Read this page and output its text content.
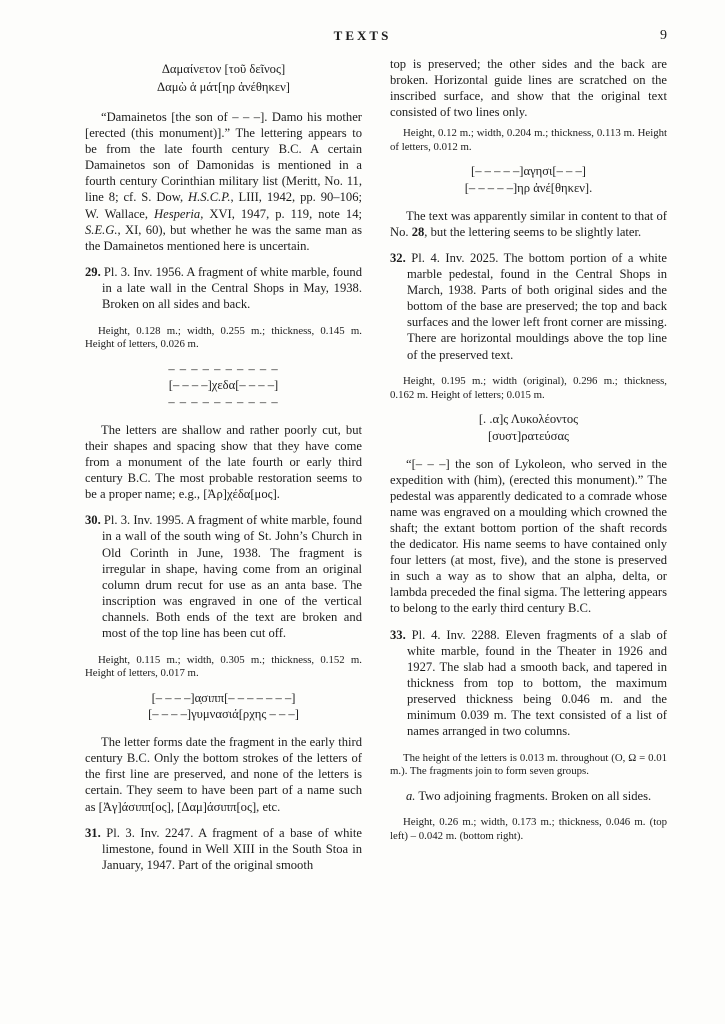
TEXTS	9
Δαμαίνετον [τοῦ δεῖνος]
Δαμὼ ἁ μάτ[ηρ ἀνέθηκεν]

“Damainetos [the son of – – –]. Damo his mother [erected (this monument)].” The lettering appears to be from the late fourth century B.C. A certain Damainetos son of Damonidas is mentioned in a fourth century Corinthian military list (Meritt, No. 11, line 8; cf. S. Dow, H.S.C.P., LIII, 1942, pp. 90–106; W. Wallace, Hesperia, XVI, 1947, p. 119, note 14; S.E.G., XI, 60), but whether he was the same man as the Damainetos mentioned here is uncertain.

29. Pl. 3. Inv. 1956. A fragment of white marble, found in a late wall in the Central Shops in May, 1938. Broken on all sides and back.

Height, 0.128 m.; width, 0.255 m.; thickness, 0.145 m. Height of letters, 0.026 m.

– – – – – – – – – –
[– – – –]χεδα[– – – –]
– – – – – – – – – –

The letters are shallow and rather poorly cut, but their shapes and spacing show that they have come from a monument of the late fourth or early third century B.C. The most probable restoration seems to be a proper name; e.g., [Ἀρ]χέδα[μος].

30. Pl. 3. Inv. 1995. A fragment of white marble, found in a wall of the south wing of St. John’s Church in Old Corinth in June, 1938. The fragment is irregular in shape, having come from an original column drum recut for use as an anta base. The inscription was engraved in one of the vertical channels. Both ends of the text are broken and most of the top line has been cut off.

Height, 0.115 m.; width, 0.305 m.; thickness, 0.152 m. Height of letters, 0.017 m.

[– – – –]α̣σιππ[– – – – – – –]
[– – – –]γυμνασιά[ρχης – – –]

The letter forms date the fragment in the early third century B.C. Only the bottom strokes of the letters of the first line are preserved, and none of the letters is certain. They seem to have been part of a name such as [Ἀγ]άσιππ[ος], [Δαμ]άσιππ[ος], etc.

31. Pl. 3. Inv. 2247. A fragment of a base of white limestone, found in Well XIII in the South Stoa in January, 1947. Part of the original smooth

top is preserved; the other sides and the back are broken. Horizontal guide lines are scratched on the inscribed surface, and show that the original text consisted of two lines only.

Height, 0.12 m.; width, 0.204 m.; thickness, 0.113 m. Height of letters, 0.012 m.

[– – – – –]αγησι[– – –]
[– – – – –]ηρ ἀνέ[θηκεν].

The text was apparently similar in content to that of No. 28, but the lettering seems to be slightly later.

32. Pl. 4. Inv. 2025. The bottom portion of a white marble pedestal, found in the Central Shops in March, 1938. Parts of both original sides and the bottom of the base are preserved; the top and back surfaces and the lower left front corner are missing. There are horizontal mouldings above the top line of the preserved text.

Height, 0.195 m.; width (original), 0.296 m.; thickness, 0.162 m. Height of letters; 0.015 m.

[. .α]ς Λυκολέοντος
[συστ]ρατεύσας

“[– – –] the son of Lykoleon, who served in the expedition with (him), (erected this monument).” The pedestal was apparently dedicated to a comrade whose name was engraved on a moulding which crowned the shaft; the extant bottom portion of the shaft records the dedicator. His name seems to have contained only four letters (at most, five), and the stone is preserved in such a way as to show that an alpha, delta, or lambda preceded the final sigma. The lettering appears to belong to the early third century B.C.

33. Pl. 4. Inv. 2288. Eleven fragments of a slab of white marble, found in the Theater in 1926 and 1927. The slab had a smooth back, and tapered in thickness from top to bottom, the maximum preserved thickness being 0.046 m. and the minimum 0.039 m. The text consisted of a list of names arranged in two columns.

The height of the letters is 0.013 m. throughout (Ο, Ω = 0.01 m.). The fragments join to form seven groups.

a. Two adjoining fragments. Broken on all sides.

Height, 0.26 m.; width, 0.173 m.; thickness, 0.046 m. (top left) – 0.042 m. (bottom right).
